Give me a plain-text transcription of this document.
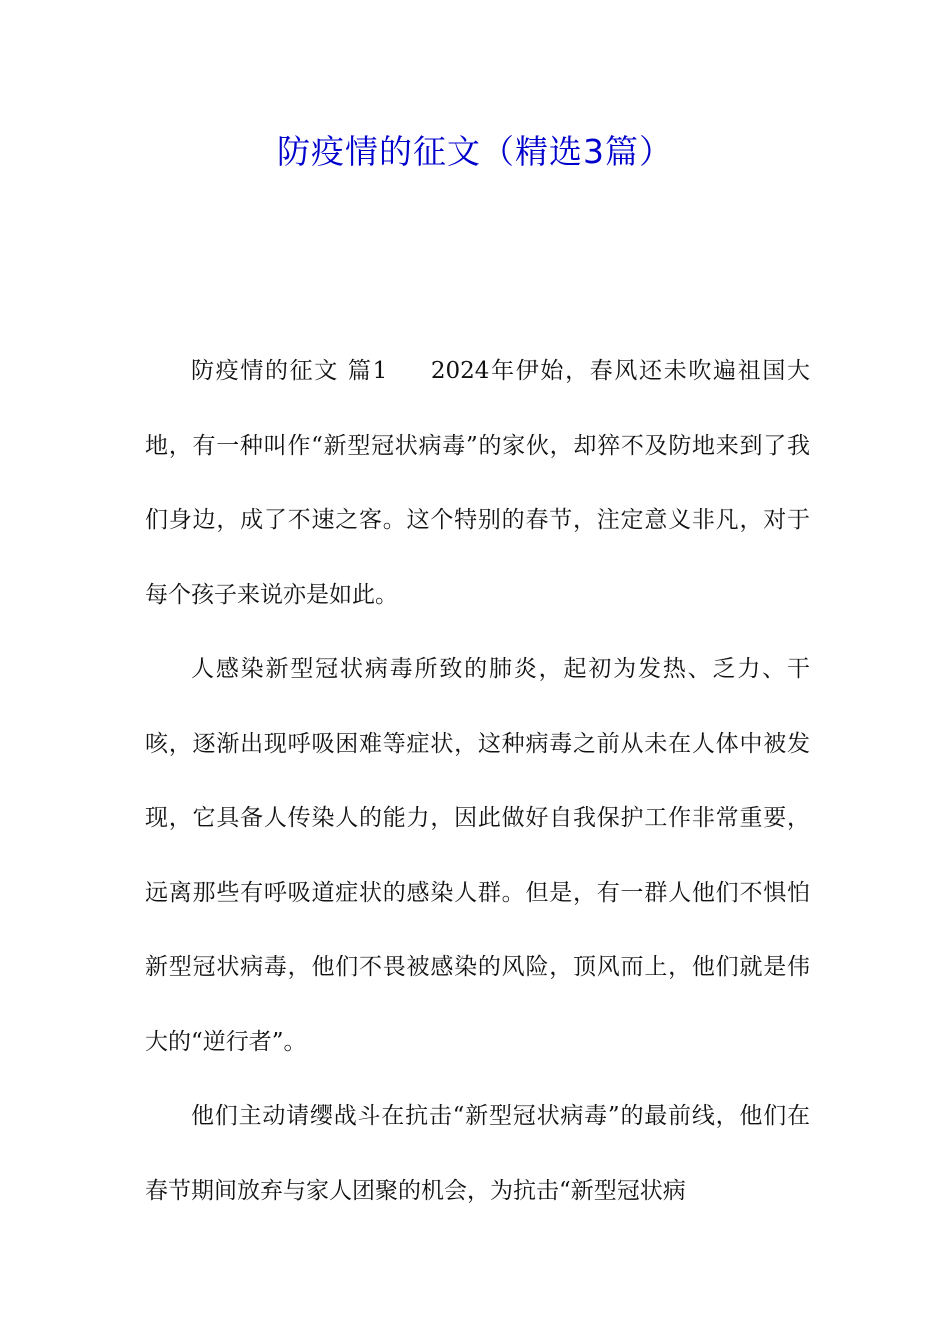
防疫情的征文（精选3篇）

防疫情的征文 篇1 2024年伊始，春风还未吹遍祖国大地，有一种叫作“新型冠状病毒”的家伙，却猝不及防地来到了我们身边，成了不速之客。这个特别的春节，注定意义非凡，对于每个孩子来说亦是如此。

人感染新型冠状病毒所致的肺炎，起初为发热、乏力、干咳，逐渐出现呼吸困难等症状，这种病毒之前从未在人体中被发现，它具备人传染人的能力，因此做好自我保护工作非常重要，远离那些有呼吸道症状的感染人群。但是，有一群人他们不惧怕新型冠状病毒，他们不畏被感染的风险，顶风而上，他们就是伟大的“逆行者”。

他们主动请缨战斗在抗击“新型冠状病毒”的最前线，他们在春节期间放弃与家人团聚的机会，为抗击“新型冠状病
